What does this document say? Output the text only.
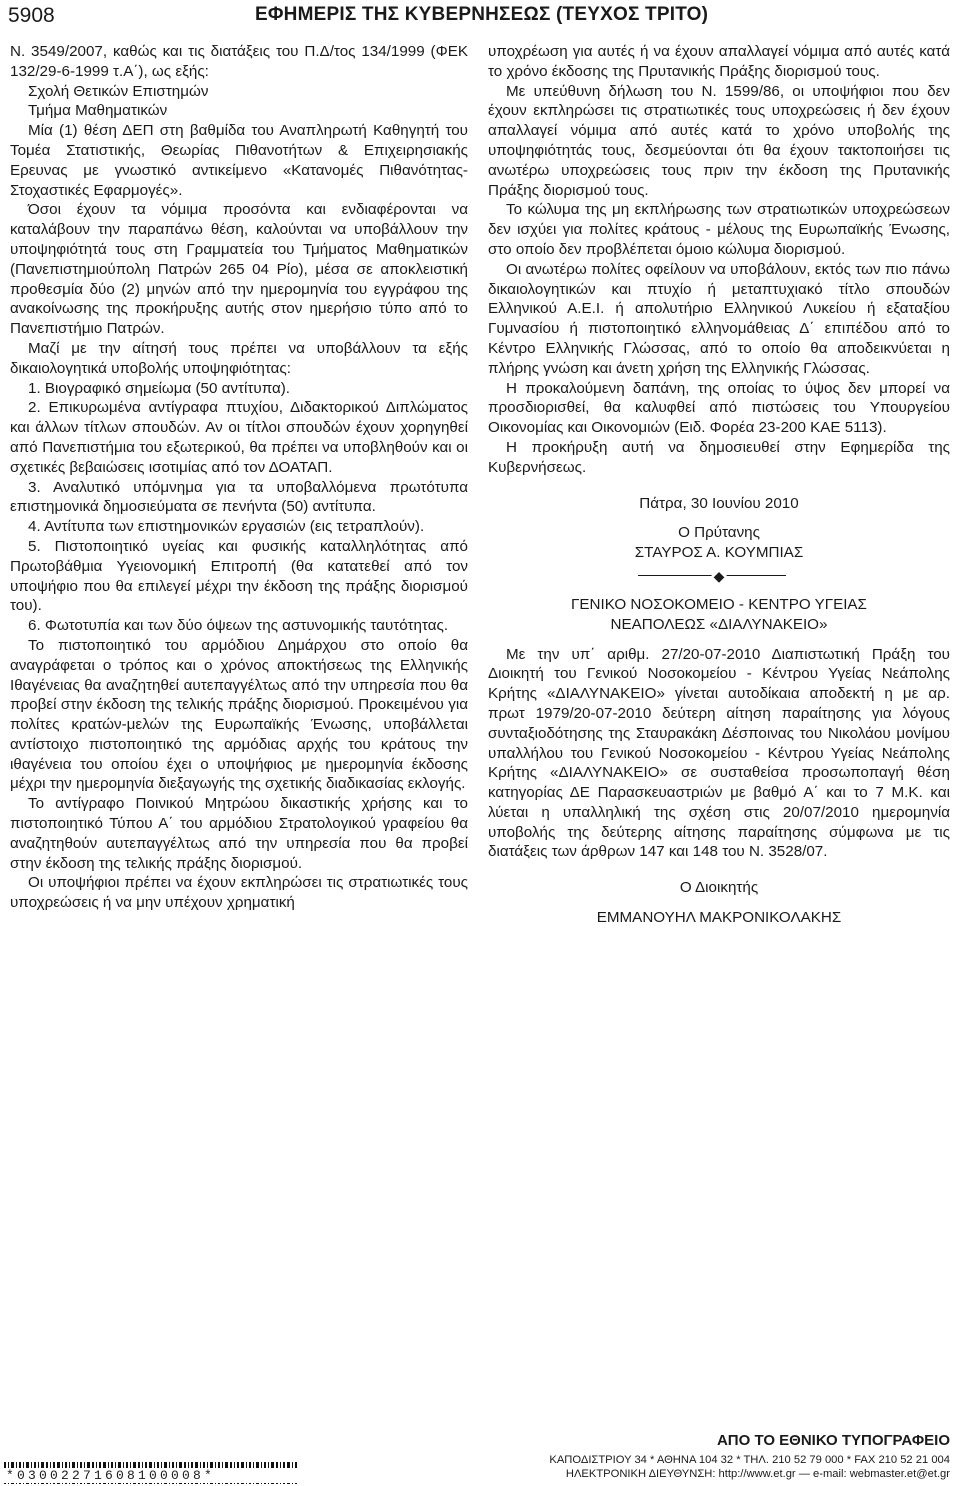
5908	ΕΦΗΜΕΡΙΣ ΤΗΣ ΚΥΒΕΡΝΗΣΕΩΣ (ΤΕΥΧΟΣ ΤΡΙΤΟ)

Ν. 3549/2007, καθώς και τις διατάξεις του Π.Δ/τος 134/1999 (ΦΕΚ 132/29-6-1999 τ.Α΄), ως εξής:

Σχολή Θετικών Επιστημών

Τμήμα Μαθηματικών

Μία (1) θέση ΔΕΠ στη βαθμίδα του Αναπληρωτή Καθηγητή του Τομέα Στατιστικής, Θεωρίας Πιθανοτήτων & Επιχειρησιακής Ερευνας με γνωστικό αντικείμενο «Κατανομές Πιθανότητας-Στοχαστικές Εφαρμογές».

Όσοι έχουν τα νόμιμα προσόντα και ενδιαφέρονται να καταλάβουν την παραπάνω θέση, καλούνται να υποβάλλουν την υποψηφιότητά τους στη Γραμματεία του Τμήματος Μαθηματικών (Πανεπιστημιούπολη Πατρών 265 04 Ρίο), μέσα σε αποκλειστική προθεσμία δύο (2) μηνών από την ημερομηνία του εγγράφου της ανακοίνωσης της προκήρυξης αυτής στον ημερήσιο τύπο από το Πανεπιστήμιο Πατρών.

Μαζί με την αίτησή τους πρέπει να υποβάλλουν τα εξής δικαιολογητικά υποβολής υποψηφιότητας:

1. Βιογραφικό σημείωμα (50 αντίτυπα).

2. Επικυρωμένα αντίγραφα πτυχίου, Διδακτορικού Διπλώματος και άλλων τίτλων σπουδών. Αν οι τίτλοι σπουδών έχουν χορηγηθεί από Πανεπιστήμια του εξωτερικού, θα πρέπει να υποβληθούν και οι σχετικές βεβαιώσεις ισοτιμίας από τον ΔΟΑΤΑΠ.

3. Αναλυτικό υπόμνημα για τα υποβαλλόμενα πρωτότυπα επιστημονικά δημοσιεύματα σε πενήντα (50) αντίτυπα.

4. Αντίτυπα των επιστημονικών εργασιών (εις τετραπλούν).

5. Πιστοποιητικό υγείας και φυσικής καταλληλότητας από Πρωτοβάθμια Υγειονομική Επιτροπή (θα κατατεθεί από τον υποψήφιο που θα επιλεγεί μέχρι την έκδοση της πράξης διορισμού του).

6. Φωτοτυπία και των δύο όψεων της αστυνομικής ταυτότητας.

Το πιστοποιητικό του αρμόδιου Δημάρχου στο οποίο θα αναγράφεται ο τρόπος και ο χρόνος αποκτήσεως της Ελληνικής Ιθαγένειας θα αναζητηθεί αυτεπαγγέλτως από την υπηρεσία που θα προβεί στην έκδοση της τελικής πράξης διορισμού. Προκειμένου για πολίτες κρατών-μελών της Ευρωπαϊκής Ένωσης, υποβάλλεται αντίστοιχο πιστοποιητικό της αρμόδιας αρχής του κράτους την ιθαγένεια του οποίου έχει ο υποψήφιος με ημερομηνία έκδοσης μέχρι την ημερομηνία διεξαγωγής της σχετικής διαδικασίας εκλογής.

Το αντίγραφο Ποινικού Μητρώου δικαστικής χρήσης και το πιστοποιητικό Τύπου Α΄ του αρμόδιου Στρατολογικού γραφείου θα αναζητηθούν αυτεπαγγέλτως από την υπηρεσία που θα προβεί στην έκδοση της τελικής πράξης διορισμού.

Οι υποψήφιοι πρέπει να έχουν εκπληρώσει τις στρατιωτικές τους υποχρεώσεις ή να μην υπέχουν χρηματική

υποχρέωση για αυτές ή να έχουν απαλλαγεί νόμιμα από αυτές κατά το χρόνο έκδοσης της Πρυτανικής Πράξης διορισμού τους.

Με υπεύθυνη δήλωση του Ν. 1599/86, οι υποψήφιοι που δεν έχουν εκπληρώσει τις στρατιωτικές τους υποχρεώσεις ή δεν έχουν απαλλαγεί νόμιμα από αυτές κατά το χρόνο υποβολής της υποψηφιότητάς τους, δεσμεύονται ότι θα έχουν τακτοποιήσει τις ανωτέρω υποχρεώσεις τους πριν την έκδοση της Πρυτανικής Πράξης διορισμού τους.

Το κώλυμα της μη εκπλήρωσης των στρατιωτικών υποχρεώσεων δεν ισχύει για πολίτες κράτους - μέλους της Ευρωπαϊκής Ένωσης, στο οποίο δεν προβλέπεται όμοιο κώλυμα διορισμού.

Οι ανωτέρω πολίτες οφείλουν να υποβάλουν, εκτός των πιο πάνω δικαιολογητικών και πτυχίο ή μεταπτυχιακό τίτλο σπουδών Ελληνικού Α.Ε.Ι. ή απολυτήριο Ελληνικού Λυκείου ή εξαταξίου Γυμνασίου ή πιστοποιητικό ελληνομάθειας Δ΄ επιπέδου από το Κέντρο Ελληνικής Γλώσσας, από το οποίο θα αποδεικνύεται η πλήρης γνώση και άνετη χρήση της Ελληνικής Γλώσσας.

Η προκαλούμενη δαπάνη, της οποίας το ύψος δεν μπορεί να προσδιορισθεί, θα καλυφθεί από πιστώσεις του Υπουργείου Οικονομίας και Οικονομιών (Ειδ. Φορέα 23-200 ΚΑΕ 5113).

Η προκήρυξη αυτή να δημοσιευθεί στην Εφημερίδα της Κυβερνήσεως.

Πάτρα, 30 Ιουνίου 2010

Ο Πρύτανης

ΣΤΑΥΡΟΣ Α. ΚΟΥΜΠΙΑΣ

◆

ΓΕΝΙΚΟ ΝΟΣΟΚΟΜΕΙΟ - ΚΕΝΤΡΟ ΥΓΕΙΑΣ

ΝΕΑΠΟΛΕΩΣ «ΔΙΑΛΥΝΑΚΕΙΟ»

Με την υπ΄ αριθμ. 27/20-07-2010 Διαπιστωτική Πράξη του Διοικητή του Γενικού Νοσοκομείου - Κέντρου Υγείας Νεάπολης Κρήτης «ΔΙΑΛΥΝΑΚΕΙΟ» γίνεται αυτοδίκαια αποδεκτή η με αρ. πρωτ 1979/20-07-2010 δεύτερη αίτηση παραίτησης για λόγους συνταξιοδότησης της Σταυρακάκη Δέσποινας του Νικολάου μονίμου υπαλλήλου του Γενικού Νοσοκομείου - Κέντρου Υγείας Νεάπολης Κρήτης «ΔΙΑΛΥΝΑΚΕΙΟ» σε συσταθείσα προσωποπαγή θέση κατηγορίας ΔΕ Παρασκευαστριών με βαθμό Α΄ και το 7 Μ.Κ. και λύεται η υπαλληλική της σχέση στις 20/07/2010 ημερομηνία υποβολής της δεύτερης αίτησης παραίτησης σύμφωνα με τις διατάξεις των άρθρων 147 και 148 του Ν. 3528/07.

Ο Διοικητής

ΕΜΜΑΝΟΥΗΛ ΜΑΚΡΟΝΙΚΟΛΑΚΗΣ

*03002271608100008*
ΑΠΟ ΤΟ ΕΘΝΙΚΟ ΤΥΠΟΓΡΑΦΕΙΟ
ΚΑΠΟΔΙΣΤΡΙΟΥ 34 * ΑΘΗΝΑ 104 32 * ΤΗΛ. 210 52 79 000 * FAX 210 52 21 004
ΗΛΕΚΤΡΟΝΙΚΗ ΔΙΕΥΘΥΝΣΗ: http://www.et.gr — e-mail: webmaster.et@et.gr
